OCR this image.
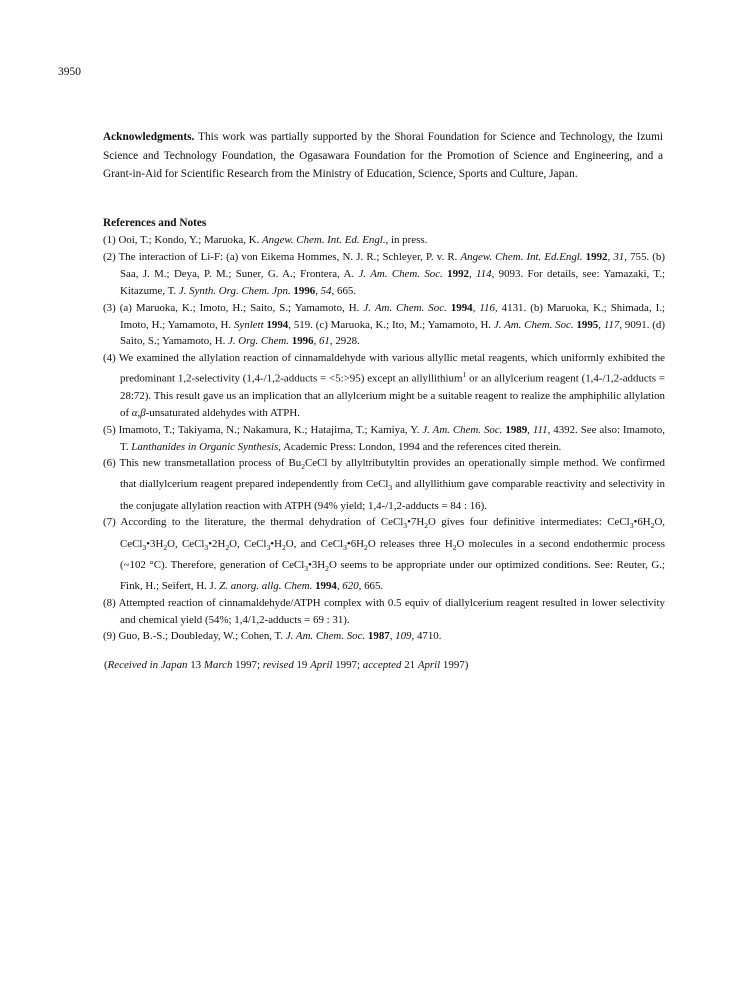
3950
Acknowledgments. This work was partially supported by the Shorai Foundation for Science and Technology, the Izumi Science and Technology Foundation, the Ogasawara Foundation for the Promotion of Science and Engineering, and a Grant-in-Aid for Scientific Research from the Ministry of Education, Science, Sports and Culture, Japan.
References and Notes
(1) Ooi, T.; Kondo, Y.; Maruoka, K. Angew. Chem. Int. Ed. Engl., in press.
(2) The interaction of Li-F: (a) von Eikema Hommes, N. J. R.; Schleyer, P. v. R. Angew. Chem. Int. Ed.Engl. 1992, 31, 755. (b) Saa, J. M.; Deya, P. M.; Suner, G. A.; Frontera, A. J. Am. Chem. Soc. 1992, 114, 9093. For details, see: Yamazaki, T.; Kitazume, T. J. Synth. Org. Chem. Jpn. 1996, 54, 665.
(3) (a) Maruoka, K.; Imoto, H.; Saito, S.; Yamamoto, H. J. Am. Chem. Soc. 1994, 116, 4131. (b) Maruoka, K.; Shimada, I.; Imoto, H.; Yamamoto, H. Synlett 1994, 519. (c) Maruoka, K.; Ito, M.; Yamamoto, H. J. Am. Chem. Soc. 1995, 117, 9091. (d) Saito, S.; Yamamoto, H. J. Org. Chem. 1996, 61, 2928.
(4) We examined the allylation reaction of cinnamaldehyde with various allyllic metal reagents, which uniformly exhibited the predominant 1,2-selectivity (1,4-/1,2-adducts = <5:>95) except an allyllithium$^1$ or an allylcerium reagent (1,4-/1,2-adducts = 28:72). This result gave us an implication that an allylcerium might be a suitable reagent to realize the amphiphilic allylation of α,β-unsaturated aldehydes with ATPH.
(5) Imamoto, T.; Takiyama, N.; Nakamura, K.; Hatajima, T.; Kamiya, Y. J. Am. Chem. Soc. 1989, 111, 4392. See also: Imamoto, T. Lanthanides in Organic Synthesis, Academic Press: London, 1994 and the references cited therein.
(6) This new transmetallation process of $Bu_2CeCl$ by allyltributyltin provides an operationally simple method. We confirmed that diallylcerium reagent prepared independently from CeCl$_3$ and allyllithium gave comparable reactivity and selectivity in the conjugate allylation reaction with ATPH (94% yield; 1,4-/1,2-adducts = 84 : 16).
(7) According to the literature, the thermal dehydration of $CeCl_3•7H_2O$ gives four definitive intermediates: $CeCl_3•6H_2O$, $CeCl_3•3H_2O$, $CeCl_3•2H_2O$, $CeCl_3•H_2O$, and $CeCl_3•6H_2O$ releases three $H_2O$ molecules in a second endothermic process (~102 °C). Therefore, generation of $CeCl_3•3H_2O$ seems to be appropriate under our optimized conditions. See: Reuter, G.; Fink, H.; Seifert, H. J. Z. anorg. allg. Chem. 1994, 620, 665.
(8) Attempted reaction of cinnamaldehyde/ATPH complex with 0.5 equiv of diallylcerium reagent resulted in lower selectivity and chemical yield (54%; 1,4/1,2-adducts = 69 : 31).
(9) Guo, B.-S.; Doubleday, W.; Cohen, T. J. Am. Chem. Soc. 1987, 109, 4710.
(Received in Japan 13 March 1997; revised 19 April 1997; accepted 21 April 1997)
